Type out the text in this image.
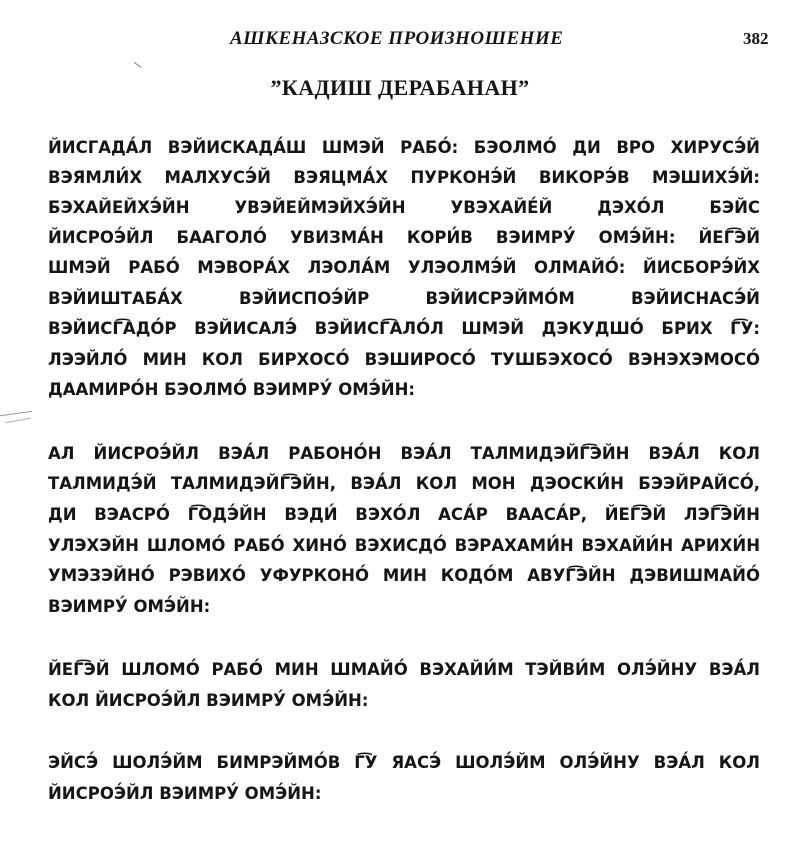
АШКЕНАЗСКОЕ ПРОИЗНОШЕНИЕ	382
”КАДИШ ДЕРАБАНАН”
ЙИСГАДА́Л ВЭЙИСКАДА́Ш ШМЭЙ РАБО́: БЭОЛМО́ ДИ ВРО ХИРУСЭ́Й
ВЭЯМЛИ́Х МАЛХУСЭ́Й ВЭЯЦМА́Х ПУРКОНЭ́Й ВИКОРЭ́В МЭШИХЭ́Й:
БЭХАЙЕЙХЭ́ЙН УВЭЙЕЙМЭЙХЭ́ЙН УВЭХАЙЕ́Й ДЭХО́Л БЭЙС
ЙИСРОЭ́ЙЛ БААГОЛО́ УВИЗМА́Н КОРИ́В ВЭИМРУ́ ОМЭ́ЙН: ЙЕГ͡ЭЙ
ШМЭЙ РАБО́ МЭВОРА́Х ЛЭОЛА́М УЛЭОЛМЭ́Й ОЛМАЙО́: ЙИСБОРЭ́ЙХ
ВЭЙИШТАБА́Х ВЭЙИСПОЭ́ЙР ВЭЙИСРЭЙМО́М ВЭЙИСНАСЭ́Й
ВЭЙИСГ͡АДО́Р ВЭЙИСАЛЭ́ ВЭЙИСГ͡АЛО́Л ШМЭЙ ДЭКУДШО́ БРИХ Г͡У:
ЛЭЭЙЛО́ МИН КОЛ БИРХОСО́ ВЭШИРОСО́ ТУШБЭХОСО́ ВЭНЭХЭМОСО́
ДААМИРО́Н БЭОЛМО́ ВЭИМРУ́ ОМЭ́ЙН:
АЛ ЙИСРОЭ́ЙЛ ВЭА́Л РАБОНО́Н ВЭА́Л ТАЛМИДЭЙГ͡ЭЙН ВЭА́Л КОЛ
ТАЛМИДЭ́Й ТАЛМИДЭЙГ͡ЭЙН, ВЭА́Л КОЛ МОН ДЭОСКИ́Н БЭЭЙРАЙСО́,
ДИ ВЭАСРО́ Г͡ОДЭ́ЙН ВЭДИ́ ВЭХО́Л АСА́Р ВААСА́Р, ЙЕГ͡ЭЙ ЛЭГ͡ЭЙН
УЛЭХЭЙН ШЛОМО́ РАБО́ ХИНО́ ВЭХИСДО́ ВЭРАХАМИ́Н ВЭХАЙИ́Н АРИХИ́Н
УМЭЗЭЙНО́ РЭВИХО́ УФУРКОНО́ МИН КОДО́М АВУГ͡ЭЙН ДЭВИШМАЙО́
ВЭИМРУ́ ОМЭ́ЙН:
ЙЕГ͡ЭЙ ШЛОМО́ РАБО́ МИН ШМАЙО́ ВЭХАЙИ́М ТЭЙВИ́М ОЛЭ́ЙНУ ВЭА́Л
КОЛ ЙИСРОЭ́ЙЛ ВЭИМРУ́ ОМЭ́ЙН:
ЭЙСЭ́ ШОЛЭ́ЙМ БИМРЭЙМО́В Г͡У ЯАСЭ́ ШОЛЭ́ЙМ ОЛЭ́ЙНУ ВЭА́Л КОЛ
ЙИСРОЭ́ЙЛ ВЭИМРУ́ ОМЭ́ЙН:
